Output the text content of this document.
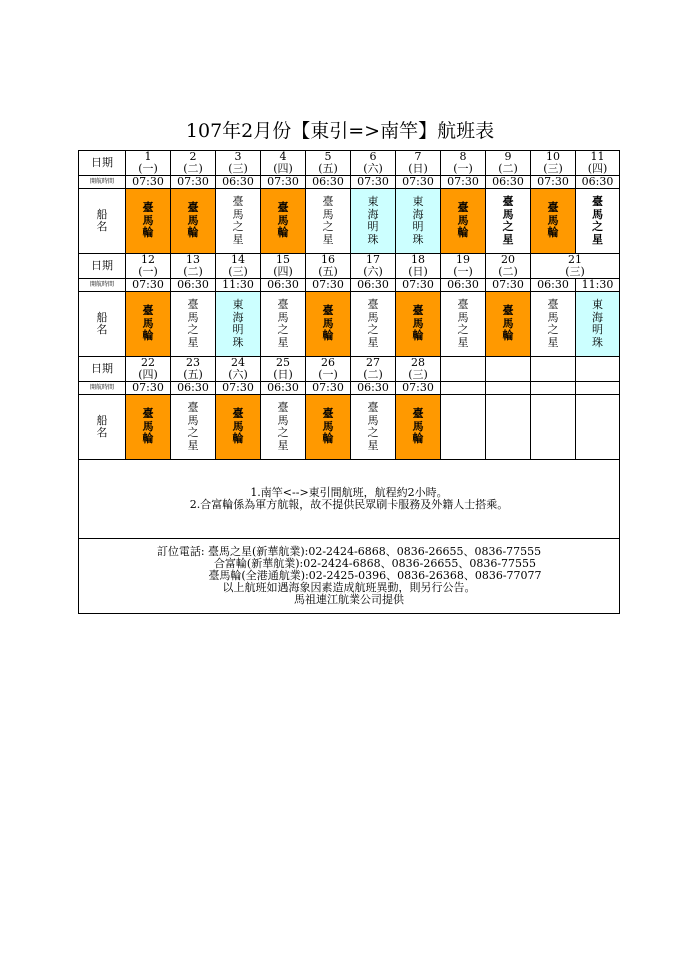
107年2月份【東引=>南竿】航班表
日期	1	2	3	4	5	6	7	8	9	10	11
	(一)	(二)	(三)	(四)	(五)	(六)	(日)	(一)	(二)	(三)	(四)
開航時間	07:30	07:30	06:30	07:30	06:30	07:30	07:30	07:30	06:30	07:30	06:30
船名	臺馬輪	臺馬輪	臺馬之星	臺馬輪	臺馬之星	東海明珠	東海明珠	臺馬輪	臺馬之星	臺馬輪	臺馬之星
日期	12	13	14	15	16	17	18	19	20	21	
	(一)	(二)	(三)	(四)	(五)	(六)	(日)	(一)	(二)	(三)	
開航時間	07:30	06:30	11:30	06:30	07:30	06:30	07:30	06:30	07:30	06:30	11:30
船名	臺馬輪	臺馬之星	東海明珠	臺馬之星	臺馬輪	臺馬之星	臺馬輪	臺馬之星	臺馬輪	臺馬之星	東海明珠
日期	22	23	24	25	26	27	28				
	(四)	(五)	(六)	(日)	(一)	(二)	(三)				
開航時間	07:30	06:30	07:30	06:30	07:30	06:30	07:30				
船名	臺馬輪	臺馬之星	臺馬輪	臺馬之星	臺馬輪	臺馬之星	臺馬輪				

1.南竿<-->東引間航班，航程約2小時。
2.合富輪係為軍方航報，故不提供民眾刷卡服務及外籍人士搭乘。											

訂位電話: 臺馬之星(新華航業):02-2424-6868、0836-26655、0836-77555
合富輪(新華航業):02-2424-6868、0836-26655、0836-77555
臺馬輪(全港通航業):02-2425-0396、0836-26368、0836-77077
以上航班如遇海象因素造成航班異動，則另行公告。
馬祖連江航業公司提供											
